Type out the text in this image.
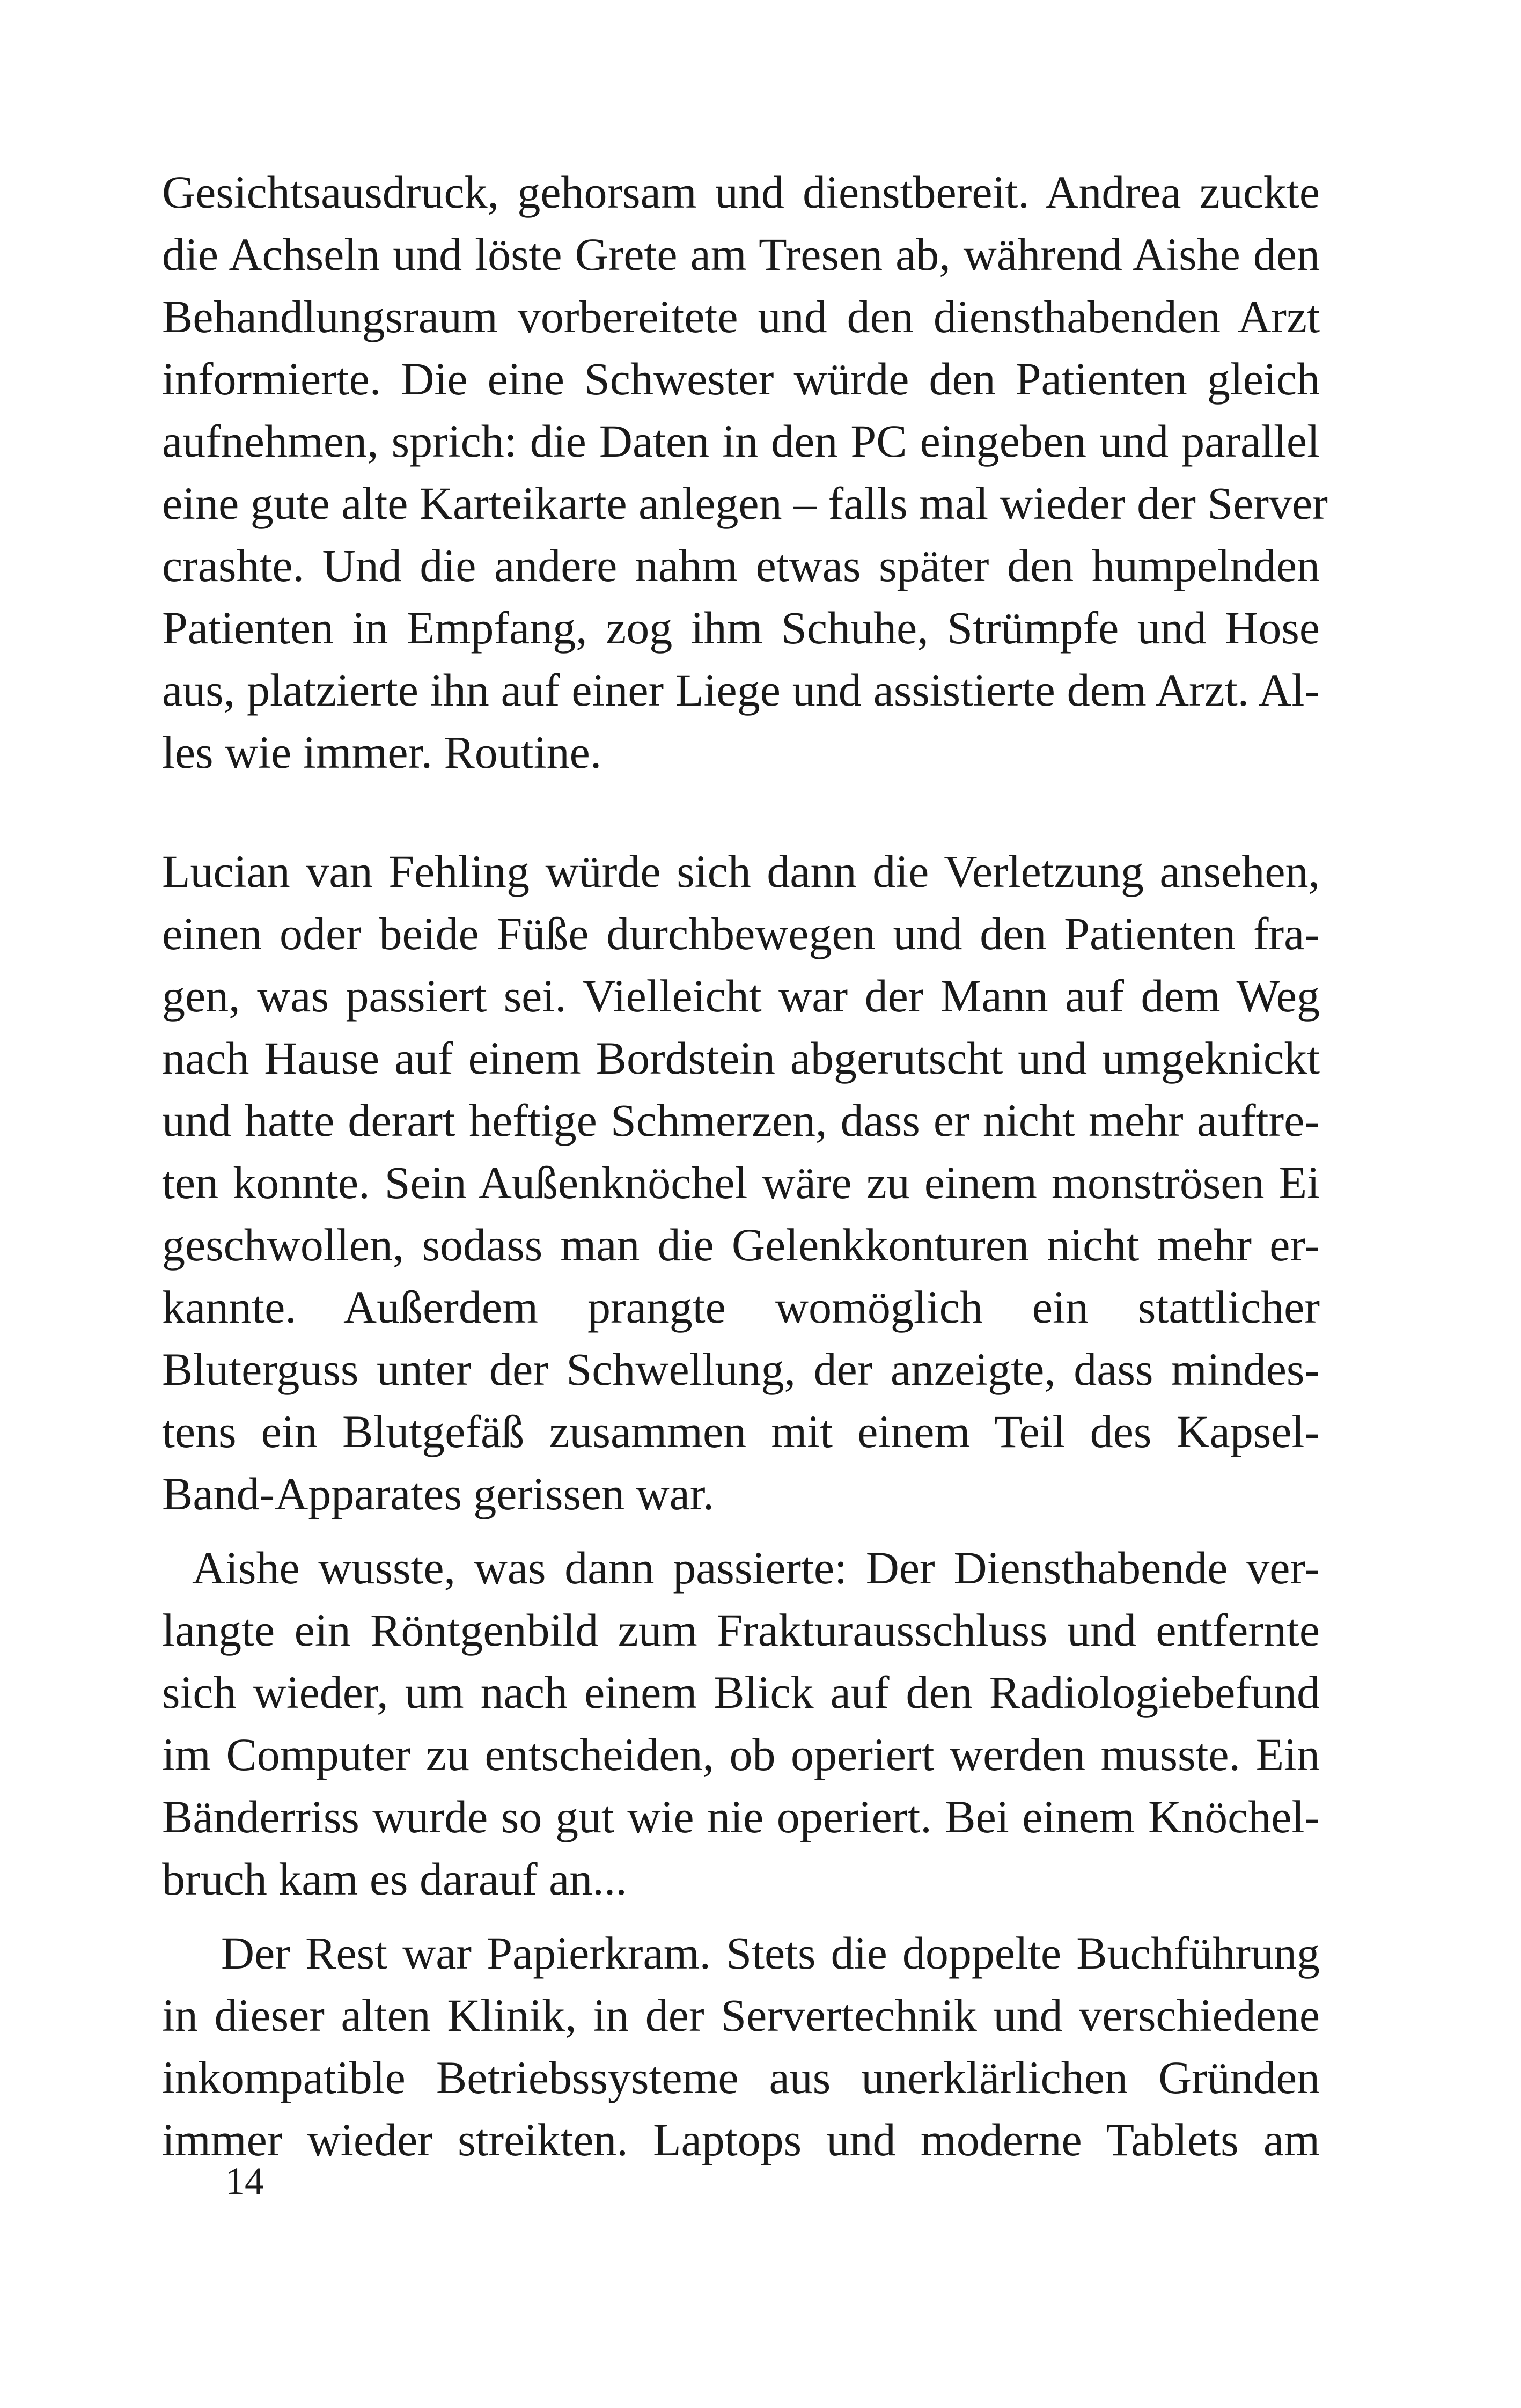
Gesichtsausdruck, gehorsam und dienstbereit. Andrea zuckte
die Achseln und löste Grete am Tresen ab, während Aishe den
Behandlungsraum vorbereitete und den diensthabenden Arzt
informierte. Die eine Schwester würde den Patienten gleich
aufnehmen, sprich: die Daten in den PC eingeben und parallel
eine gute alte Karteikarte anlegen – falls mal wieder der Server
crashte. Und die andere nahm etwas später den humpelnden
Patienten in Empfang, zog ihm Schuhe, Strümpfe und Hose
aus, platzierte ihn auf einer Liege und assistierte dem Arzt. Al-
les wie immer. Routine.
Lucian van Fehling würde sich dann die Verletzung ansehen,
einen oder beide Füße durchbewegen und den Patienten fra-
gen, was passiert sei. Vielleicht war der Mann auf dem Weg
nach Hause auf einem Bordstein abgerutscht und umgeknickt
und hatte derart heftige Schmerzen, dass er nicht mehr auftre-
ten konnte. Sein Außenknöchel wäre zu einem monströsen Ei
geschwollen, sodass man die Gelenkkonturen nicht mehr er-
kannte. Außerdem prangte womöglich ein stattlicher
Bluterguss unter der Schwellung, der anzeigte, dass mindes-
tens ein Blutgefäß zusammen mit einem Teil des Kapsel-
Band-Apparates gerissen war.
Aishe wusste, was dann passierte: Der Diensthabende ver-
langte ein Röntgenbild zum Frakturausschluss und entfernte
sich wieder, um nach einem Blick auf den Radiologiebefund
im Computer zu entscheiden, ob operiert werden musste. Ein
Bänderriss wurde so gut wie nie operiert. Bei einem Knöchel-
bruch kam es darauf an...
Der Rest war Papierkram. Stets die doppelte Buchführung
in dieser alten Klinik, in der Servertechnik und verschiedene
inkompatible Betriebssysteme aus unerklärlichen Gründen
immer wieder streikten. Laptops und moderne Tablets am
14
